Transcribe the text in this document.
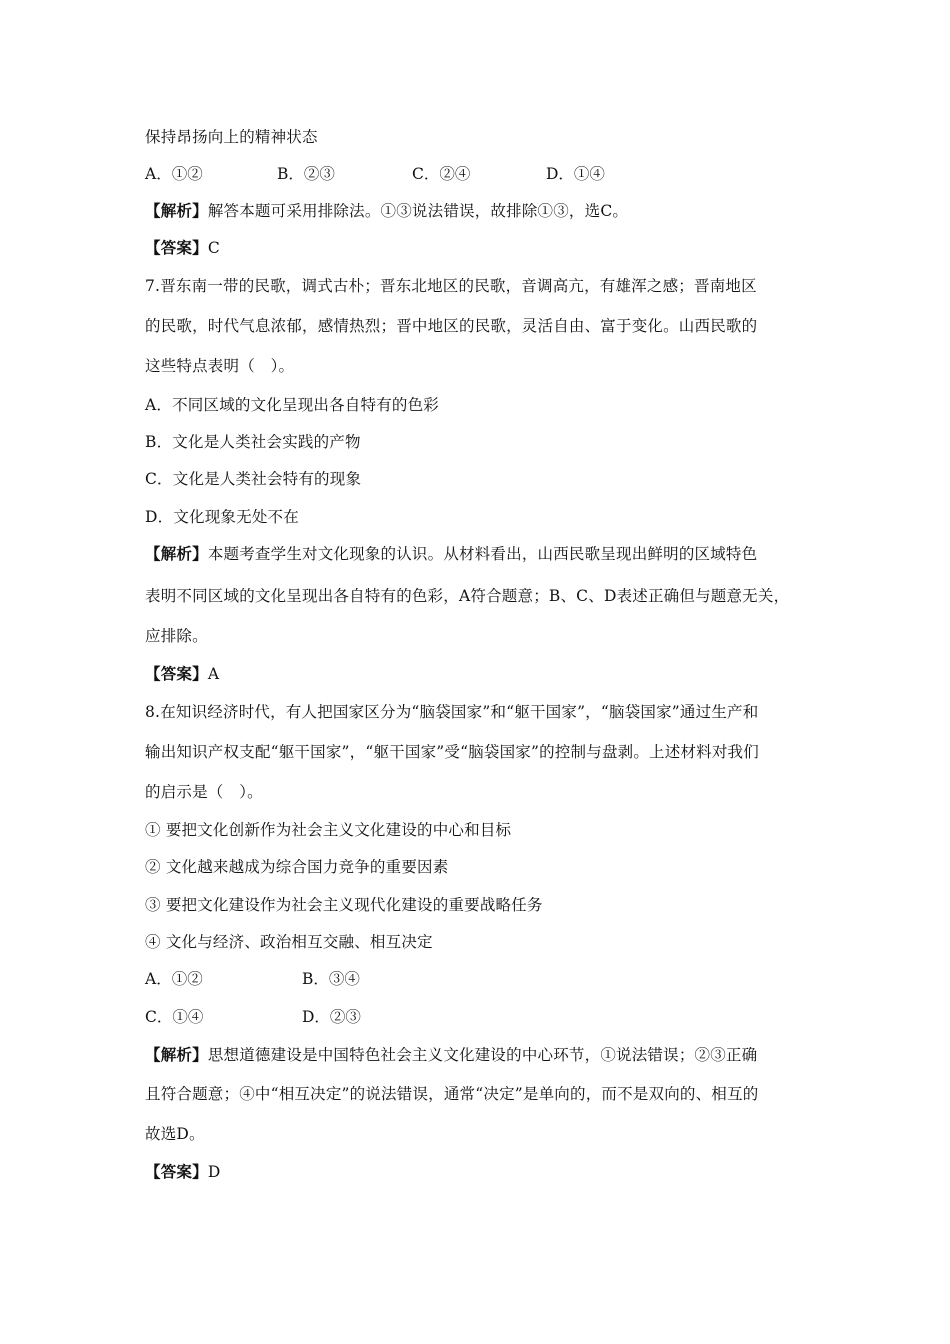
保持昂扬向上的精神状态
A．①②	B．②③	C．②④	D．①④
【解析】解答本题可采用排除法。①③说法错误，故排除①③，选C。
【答案】C
7.晋东南一带的民歌，调式古朴；晋东北地区的民歌，音调高亢，有雄浑之感；晋南地区
的民歌，时代气息浓郁，感情热烈；晋中地区的民歌，灵活自由、富于变化。山西民歌的
这些特点表明（　）。
A．不同区域的文化呈现出各自特有的色彩
B．文化是人类社会实践的产物
C．文化是人类社会特有的现象
D．文化现象无处不在
【解析】本题考查学生对文化现象的认识。从材料看出，山西民歌呈现出鲜明的区域特色
表明不同区域的文化呈现出各自特有的色彩，A符合题意；B、C、D表述正确但与题意无关，
应排除。
【答案】A
8.在知识经济时代，有人把国家区分为“脑袋国家”和“躯干国家”，“脑袋国家”通过生产和
输出知识产权支配“躯干国家”，“躯干国家”受“脑袋国家”的控制与盘剥。上述材料对我们
的启示是（　）。
① 要把文化创新作为社会主义文化建设的中心和目标
② 文化越来越成为综合国力竞争的重要因素
③ 要把文化建设作为社会主义现代化建设的重要战略任务
④ 文化与经济、政治相互交融、相互决定
A．①②	B．③④
C．①④	D．②③
【解析】思想道德建设是中国特色社会主义文化建设的中心环节，①说法错误；②③正确
且符合题意；④中“相互决定”的说法错误，通常“决定”是单向的，而不是双向的、相互的
故选D。
【答案】D
